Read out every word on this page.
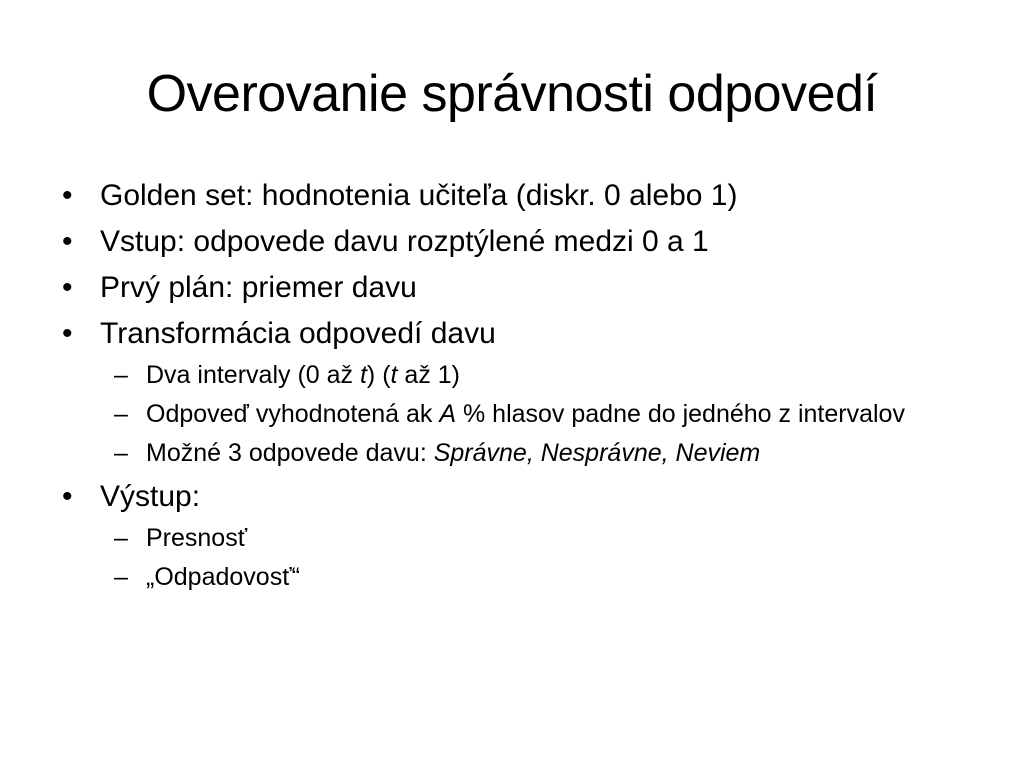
Overovanie správnosti odpovedí
• Golden set: hodnotenia učiteľa (diskr. 0 alebo 1)
• Vstup: odpovede davu rozptýlené medzi 0 a 1
• Prvý plán: priemer davu
• Transformácia odpovedí davu
– Dva intervaly (0 až t) (t až 1)
– Odpoveď vyhodnotená ak A % hlasov padne do jedného z intervalov
– Možné 3 odpovede davu: Správne, Nesprávne, Neviem
• Výstup:
– Presnosť
– „Odpadovosť“
